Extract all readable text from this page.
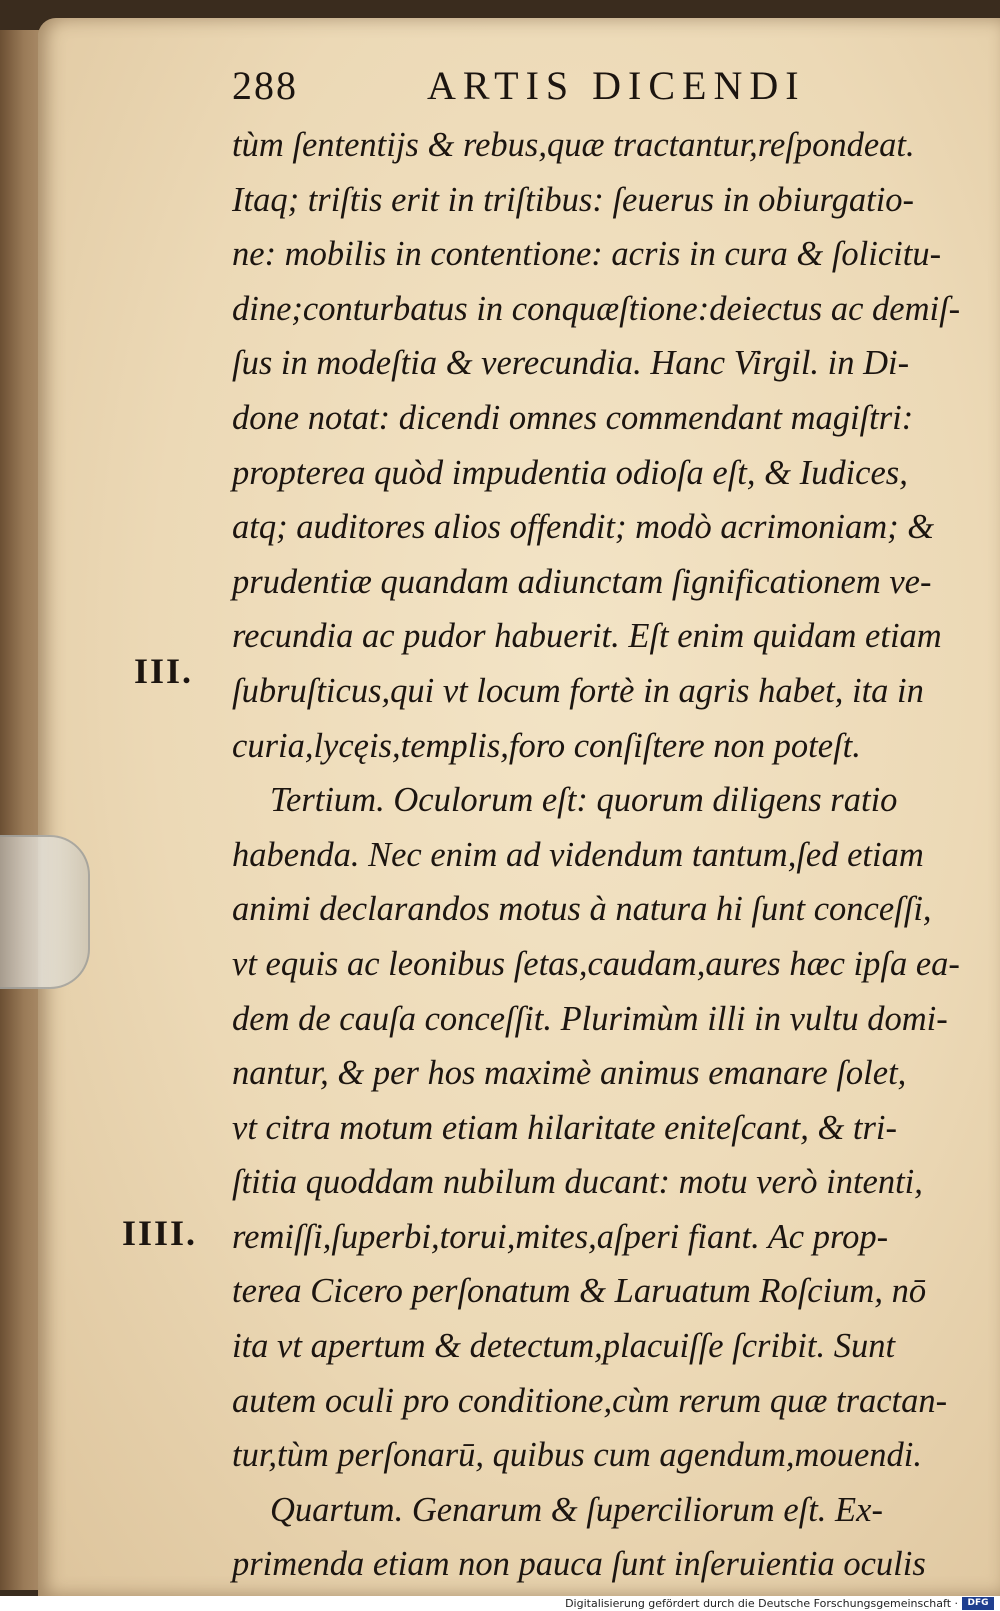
288	ARTIS DICENDI
III.
IIII.
tùm ſententijs & rebus,quæ tractantur,reſpondeat.
Itaq; triſtis erit in triſtibus: ſeuerus in obiurgatio-
ne: mobilis in contentione: acris in cura & ſolicitu-
dine;conturbatus in conquæſtione:deiectus ac demiſ-
ſus in modeſtia & verecundia. Hanc Virgil. in Di-
done notat: dicendi omnes commendant magiſtri:
propterea quòd impudentia odioſa eſt, & Iudices,
atq; auditores alios offendit; modò acrimoniam; &
prudentiæ quandam adiunctam ſignificationem ve-
recundia ac pudor habuerit. Eſt enim quidam etiam
ſubruſticus,qui vt locum fortè in agris habet, ita in
curia,lycęis,templis,foro conſiſtere non poteſt.
Tertium. Oculorum eſt: quorum diligens ratio
habenda. Nec enim ad videndum tantum,ſed etiam
animi declarandos motus à natura hi ſunt conceſſi,
vt equis ac leonibus ſetas,caudam,aures hæc ipſa ea-
dem de cauſa conceſſit. Plurimùm illi in vultu domi-
nantur, & per hos maximè animus emanare ſolet,
vt citra motum etiam hilaritate eniteſcant, & tri-
ſtitia quoddam nubilum ducant: motu verò intenti,
remiſſi,ſuperbi,torui,mites,aſperi fiant. Ac prop-
terea Cicero perſonatum & Laruatum Roſcium, nō
ita vt apertum & detectum,placuiſſe ſcribit. Sunt
autem oculi pro conditione,cùm rerum quæ tractan-
tur,tùm perſonarū, quibus cum agendum,mouendi.
Quartum. Genarum & ſuperciliorum eſt. Ex-
primenda etiam non pauca ſunt inſeruientia oculis
Digitalisierung gefördert durch die Deutsche Forschungsgemeinschaft ·	DFG
